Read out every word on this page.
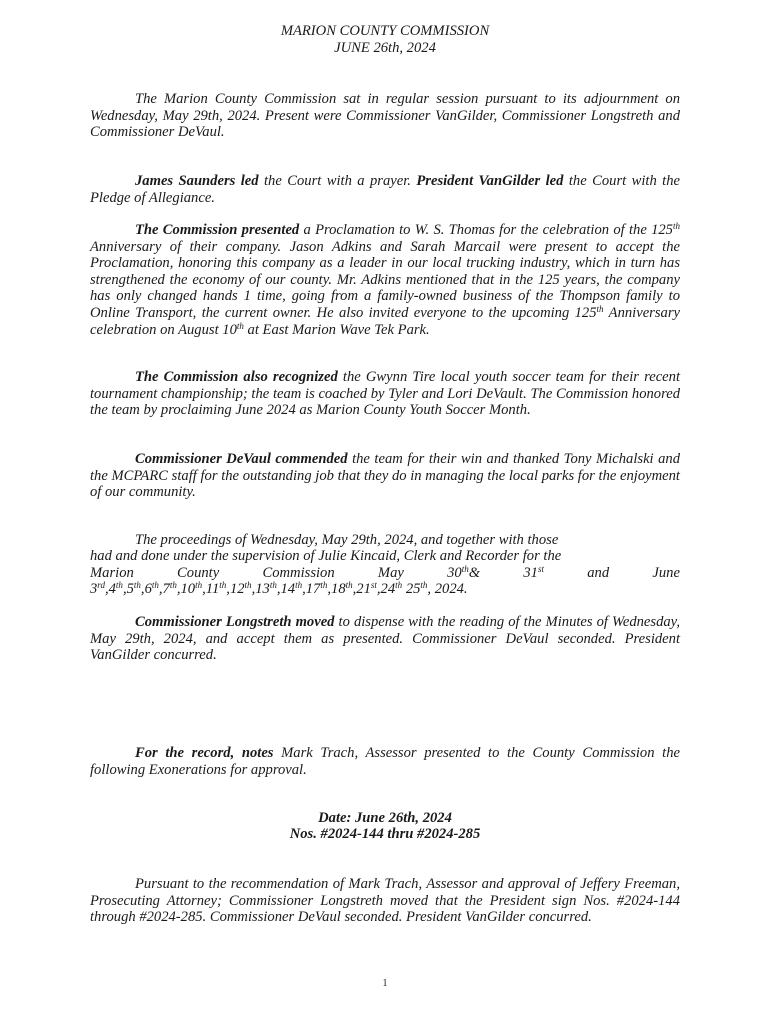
MARION COUNTY COMMISSION
JUNE 26th, 2024

The Marion County Commission sat in regular session pursuant to its adjournment on Wednesday, May 29th, 2024. Present were Commissioner VanGilder, Commissioner Longstreth and Commissioner DeVaul.

James Saunders led the Court with a prayer. President VanGilder led the Court with the Pledge of Allegiance.

The Commission presented a Proclamation to W. S. Thomas for the celebration of the 125th Anniversary of their company. Jason Adkins and Sarah Marcail were present to accept the Proclamation, honoring this company as a leader in our local trucking industry, which in turn has strengthened the economy of our county. Mr. Adkins mentioned that in the 125 years, the company has only changed hands 1 time, going from a family-owned business of the Thompson family to Online Transport, the current owner. He also invited everyone to the upcoming 125th Anniversary celebration on August 10th at East Marion Wave Tek Park.

The Commission also recognized the Gwynn Tire local youth soccer team for their recent tournament championship; the team is coached by Tyler and Lori DeVault. The Commission honored the team by proclaiming June 2024 as Marion County Youth Soccer Month.

Commissioner DeVaul commended the team for their win and thanked Tony Michalski and the MCPARC staff for the outstanding job that they do in managing the local parks for the enjoyment of our community.

The proceedings of Wednesday, May 29th, 2024, and together with those
had and done under the supervision of Julie Kincaid, Clerk and Recorder for the
Marion	County	Commission	May	30th&	31st	and	June
3rd,4th,5th,6th,7th,10th,11th,12th,13th,14th,17th,18th,21st,24th 25th, 2024.

Commissioner Longstreth moved to dispense with the reading of the Minutes of Wednesday, May 29th, 2024, and accept them as presented. Commissioner DeVaul seconded. President VanGilder concurred.

For the record, notes Mark Trach, Assessor presented to the County Commission the following Exonerations for approval.

Date: June 26th, 2024
Nos. #2024-144 thru #2024-285

Pursuant to the recommendation of Mark Trach, Assessor and approval of Jeffery Freeman, Prosecuting Attorney; Commissioner Longstreth moved that the President sign Nos. #2024-144 through #2024-285. Commissioner DeVaul seconded. President VanGilder concurred.

1
